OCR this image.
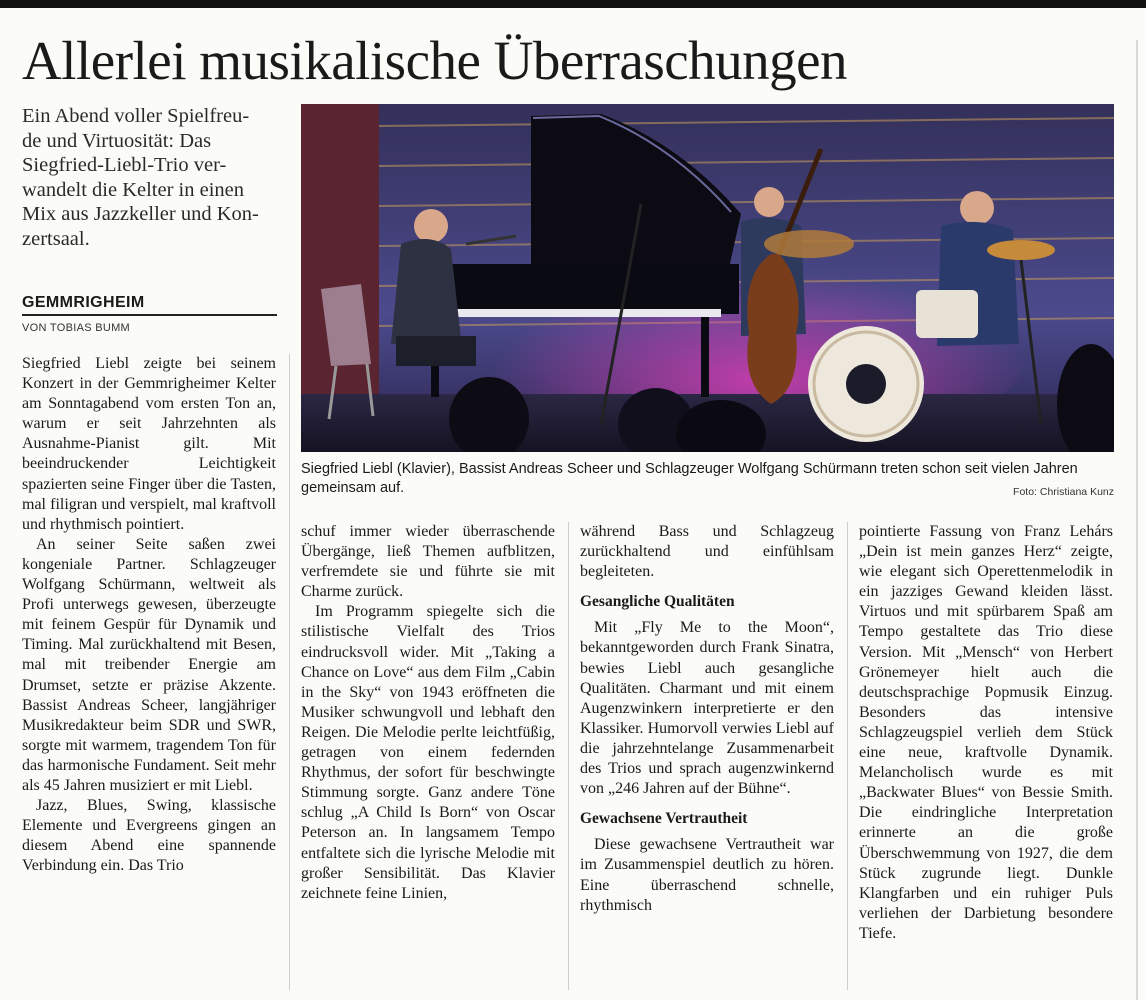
Allerlei musikalische Überraschungen
Ein Abend voller Spielfreu-
de und Virtuosität: Das
Siegfried-Liebl-Trio ver-
wandelt die Kelter in einen
Mix aus Jazzkeller und Kon-
zertsaal.
GEMMRIGHEIM
VON TOBIAS BUMM
Siegfried Liebl (Klavier), Bassist Andreas Scheer und Schlagzeuger Wolfgang Schürmann treten schon seit vielen Jahren gemeinsam auf.	Foto: Christiana Kunz

Siegfried Liebl zeigte bei seinem Konzert in der Gemmrigheimer Kelter am Sonntagabend vom ersten Ton an, warum er seit Jahrzehnten als Ausnahme-Pianist gilt. Mit beeindruckender Leichtigkeit spazierten seine Finger über die Tasten, mal filigran und verspielt, mal kraftvoll und rhythmisch pointiert.

An seiner Seite saßen zwei kongeniale Partner. Schlagzeuger Wolfgang Schürmann, weltweit als Profi unterwegs gewesen, überzeugte mit feinem Gespür für Dynamik und Timing. Mal zurückhaltend mit Besen, mal mit treibender Energie am Drumset, setzte er präzise Akzente. Bassist Andreas Scheer, langjähriger Musikredakteur beim SDR und SWR, sorgte mit warmem, tragendem Ton für das harmonische Fundament. Seit mehr als 45 Jahren musiziert er mit Liebl.

Jazz, Blues, Swing, klassische Elemente und Evergreens gingen an diesem Abend eine spannende Verbindung ein. Das Trio

schuf immer wieder überraschende Übergänge, ließ Themen aufblitzen, verfremdete sie und führte sie mit Charme zurück.

Im Programm spiegelte sich die stilistische Vielfalt des Trios eindrucksvoll wider. Mit „Taking a Chance on Love“ aus dem Film „Cabin in the Sky“ von 1943 eröffneten die Musiker schwungvoll und lebhaft den Reigen. Die Melodie perlte leichtfüßig, getragen von einem federnden Rhythmus, der sofort für beschwingte Stimmung sorgte. Ganz andere Töne schlug „A Child Is Born“ von Oscar Peterson an. In langsamem Tempo entfaltete sich die lyrische Melodie mit großer Sensibilität. Das Klavier zeichnete feine Linien,

während Bass und Schlagzeug zurückhaltend und einfühlsam begleiteten.

Gesangliche Qualitäten

Mit „Fly Me to the Moon“, bekanntgeworden durch Frank Sinatra, bewies Liebl auch gesangliche Qualitäten. Charmant und mit einem Augenzwinkern interpretierte er den Klassiker. Humorvoll verwies Liebl auf die jahrzehntelange Zusammenarbeit des Trios und sprach augenzwinkernd von „246 Jahren auf der Bühne“.

Gewachsene Vertrautheit

Diese gewachsene Vertrautheit war im Zusammenspiel deutlich zu hören. Eine überraschend schnelle, rhythmisch

pointierte Fassung von Franz Lehárs „Dein ist mein ganzes Herz“ zeigte, wie elegant sich Operettenmelodik in ein jazziges Gewand kleiden lässt. Virtuos und mit spürbarem Spaß am Tempo gestaltete das Trio diese Version. Mit „Mensch“ von Herbert Grönemeyer hielt auch die deutschsprachige Popmusik Einzug. Besonders das intensive Schlagzeugspiel verlieh dem Stück eine neue, kraftvolle Dynamik. Melancholisch wurde es mit „Backwater Blues“ von Bessie Smith. Die eindringliche Interpretation erinnerte an die große Überschwemmung von 1927, die dem Stück zugrunde liegt. Dunkle Klangfarben und ein ruhiger Puls verliehen der Darbietung besondere Tiefe.
